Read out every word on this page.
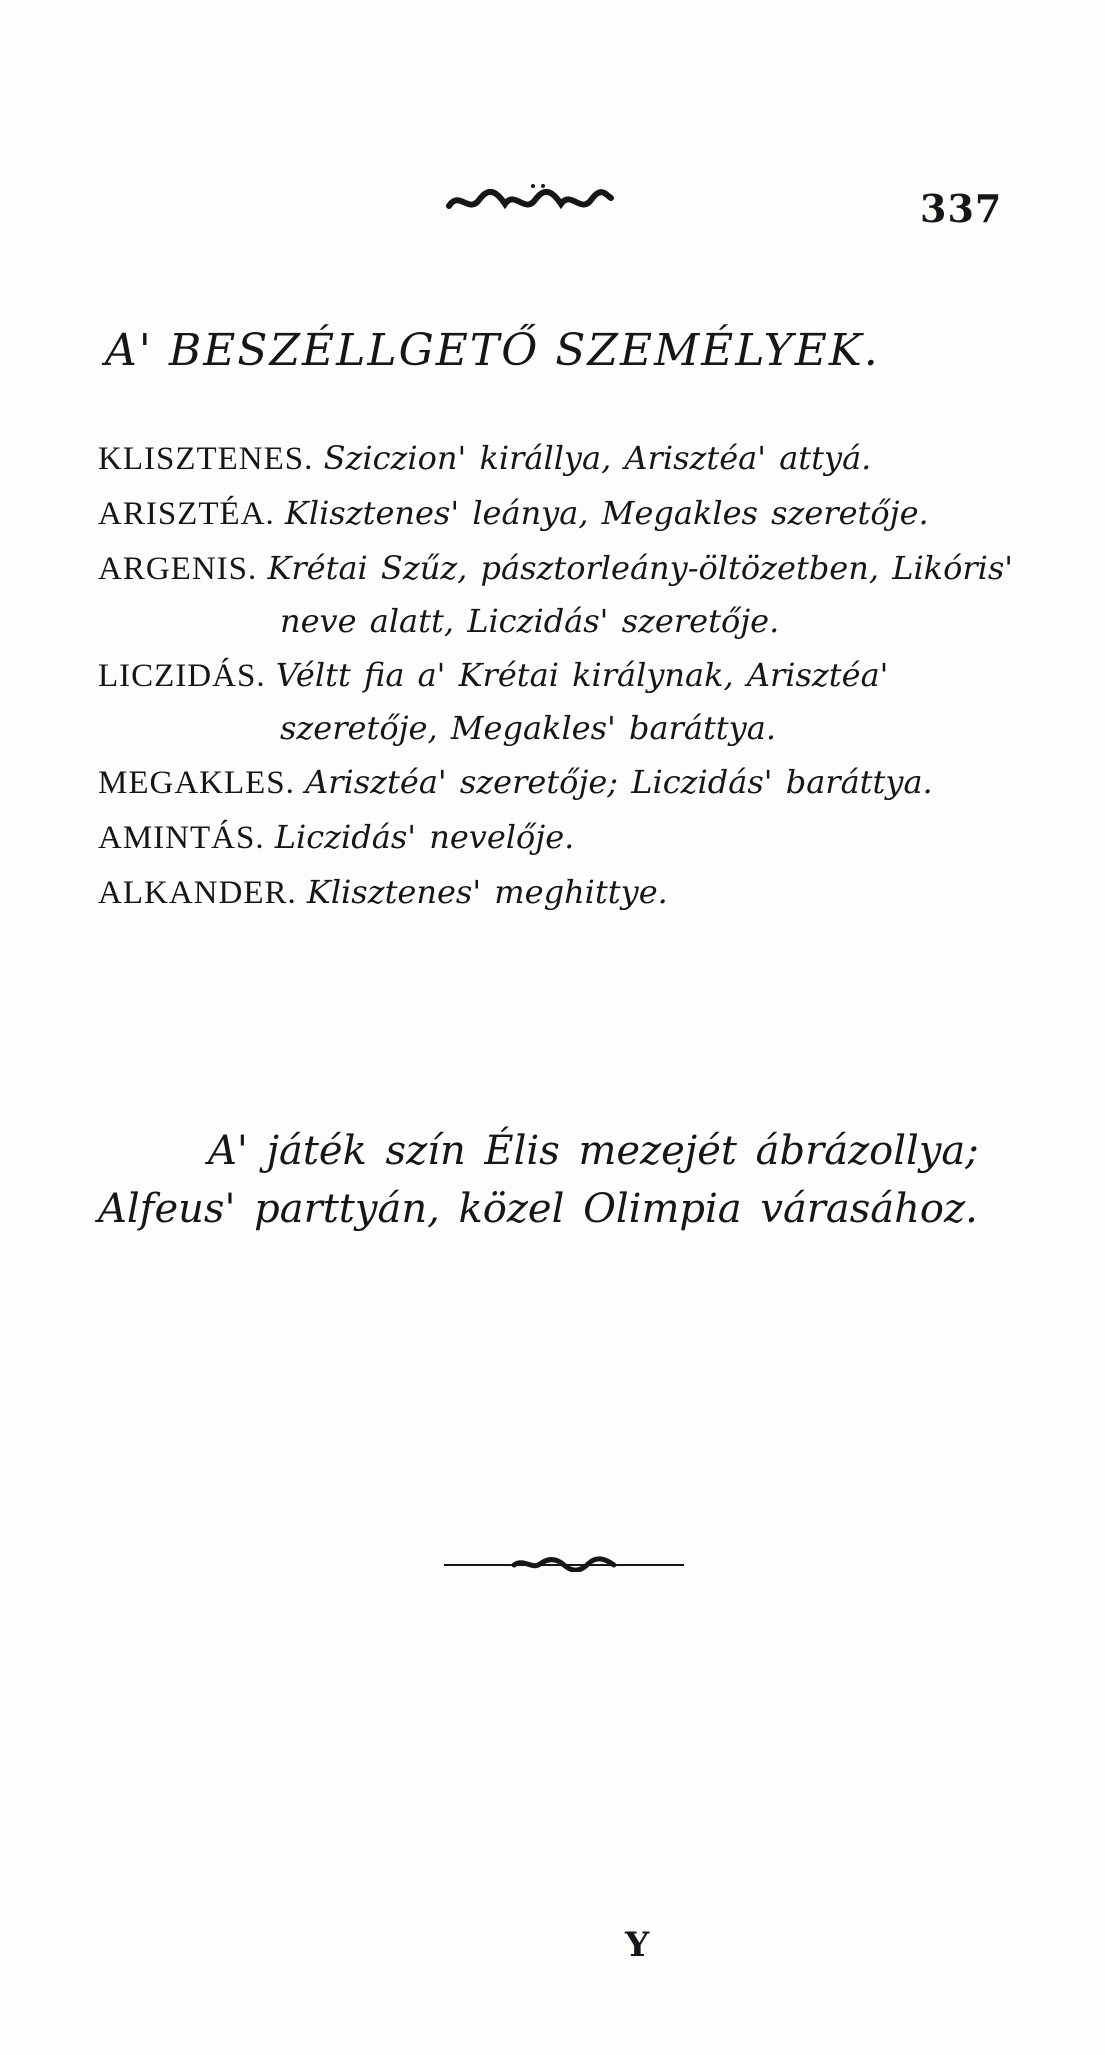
337
A' BESZÉLLGETŐ SZEMÉLYEK.
KLISZTENES. Sziczion' királlya, Arisztéa' attyá.
ARISZTÉA. Klisztenes' leánya, Megakles szeretője.
ARGENIS. Krétai Szűz, pásztorleány-öltözetben, Likóris' neve alatt, Liczidás' szeretője.
LICZIDÁS. Véltt fia a' Krétai királynak, Arisztéa' szeretője, Megakles' baráttya.
MEGAKLES. Arisztéa' szeretője; Liczidás' baráttya.
AMINTÁS. Liczidás' nevelője.
ALKANDER. Klisztenes' meghittye.
A' játék szín Élis mezejét ábrázollya; Alfeus' parttyán, közel Olimpia várasához.
Y
